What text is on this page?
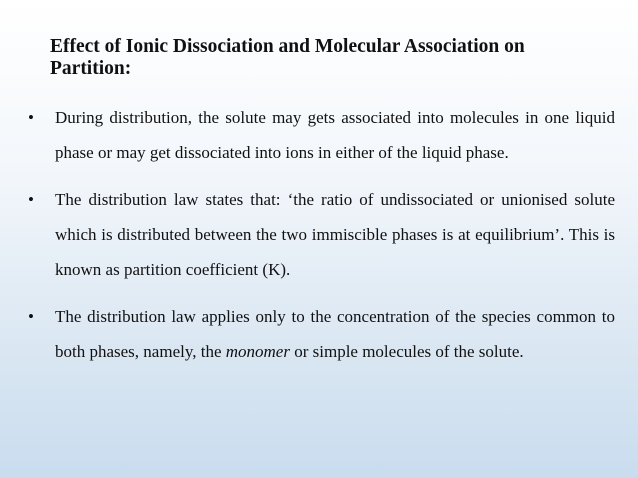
Effect of Ionic Dissociation and Molecular Association on Partition:
• During distribution, the solute may gets associated into molecules in one liquid phase or may get dissociated into ions in either of the liquid phase.
• The distribution law states that: ‘the ratio of undissociated or unionised solute which is distributed between the two immiscible phases is at equilibrium’. This is known as partition coefficient (K).
• The distribution law applies only to the concentration of the species common to both phases, namely, the monomer or simple molecules of the solute.
